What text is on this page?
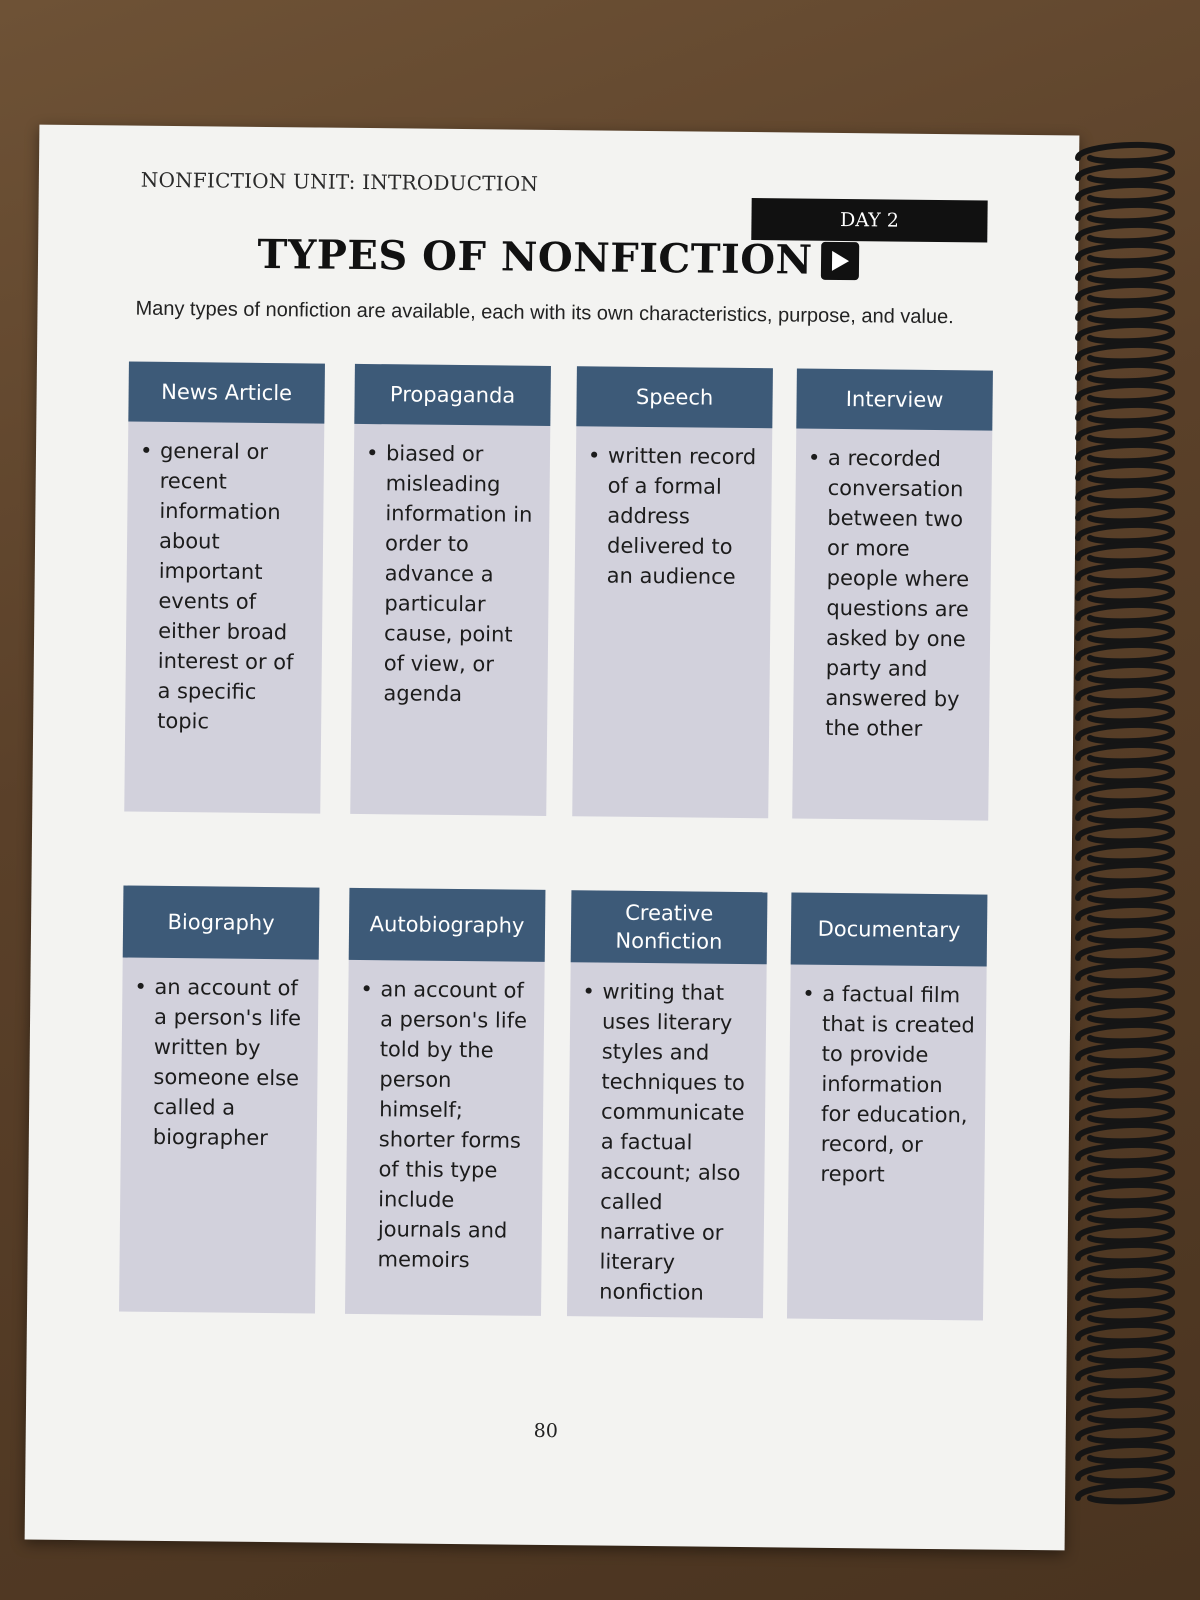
NONFICTION UNIT: INTRODUCTION
DAY 2
TYPES OF NONFICTION
Many types of nonfiction are available, each with its own characteristics, purpose, and value.
News Article
• general or recent information about important events of either broad interest or of a specific topic
Propaganda
• biased or misleading information in order to advance a particular cause, point of view, or agenda
Speech
• written record of a formal address delivered to an audience
Interview
• a recorded conversation between two or more people where questions are asked by one party and answered by the other
Biography
• an account of a person's life written by someone else called a biographer
Autobiography
• an account of a person's life told by the person himself; shorter forms of this type include journals and memoirs
Creative Nonfiction
• writing that uses literary styles and techniques to communicate a factual account; also called narrative or literary nonfiction
Documentary
• a factual film that is created to provide information for education, record, or report
80
